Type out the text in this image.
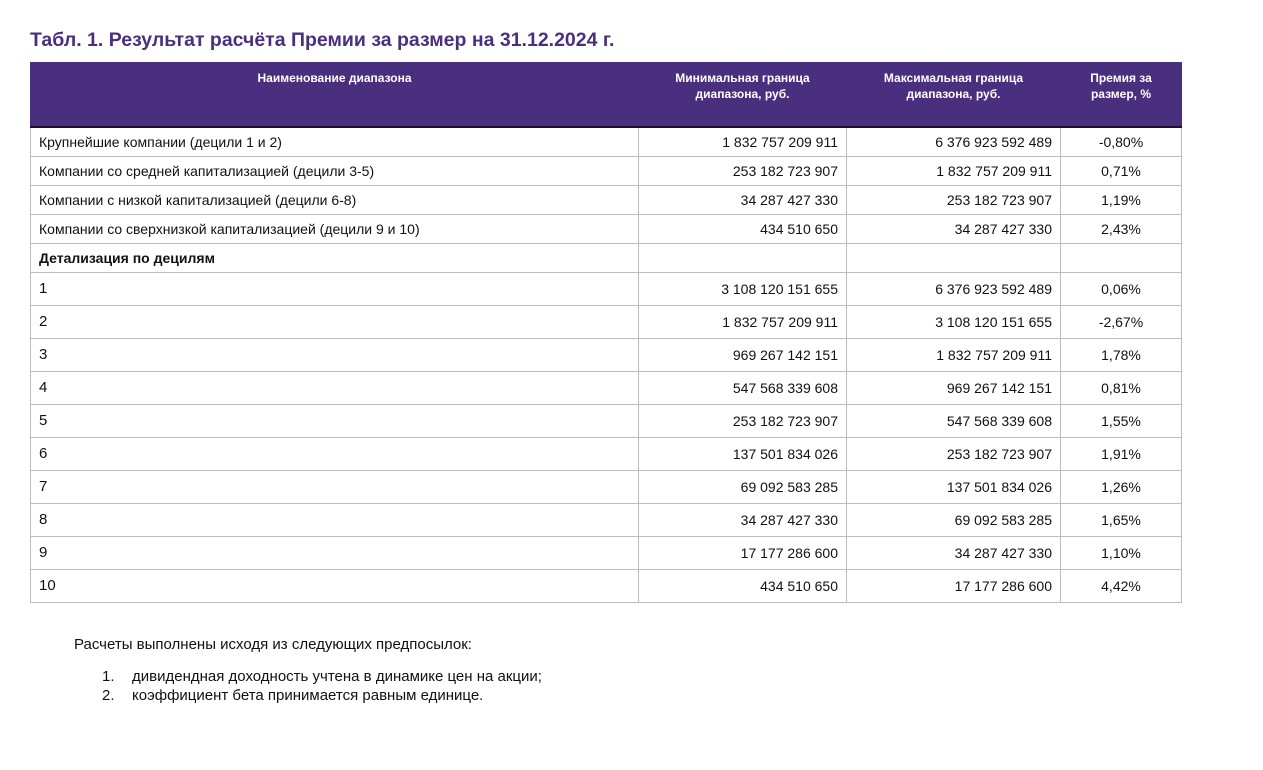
Табл. 1. Результат расчёта Премии за размер на 31.12.2024 г.
Наименование диапазона	Минимальная граница диапазона, руб.	Максимальная граница диапазона, руб.	Премия за размер, %
Крупнейшие компании (децили 1 и 2)	1 832 757 209 911	6 376 923 592 489	-0,80%
Компании со средней капитализацией (децили 3-5)	253 182 723 907	1 832 757 209 911	0,71%
Компании с низкой капитализацией (децили 6-8)	34 287 427 330	253 182 723 907	1,19%
Компании со сверхнизкой капитализацией (децили 9 и 10)	434 510 650	34 287 427 330	2,43%
Детализация по децилям			
1	3 108 120 151 655	6 376 923 592 489	0,06%
2	1 832 757 209 911	3 108 120 151 655	-2,67%
3	969 267 142 151	1 832 757 209 911	1,78%
4	547 568 339 608	969 267 142 151	0,81%
5	253 182 723 907	547 568 339 608	1,55%
6	137 501 834 026	253 182 723 907	1,91%
7	69 092 583 285	137 501 834 026	1,26%
8	34 287 427 330	69 092 583 285	1,65%
9	17 177 286 600	34 287 427 330	1,10%
10	434 510 650	17 177 286 600	4,42%

Расчеты выполнены исходя из следующих предпосылок:

1.	дивидендная доходность учтена в динамике цен на акции;
2.	коэффициент бета принимается равным единице.
